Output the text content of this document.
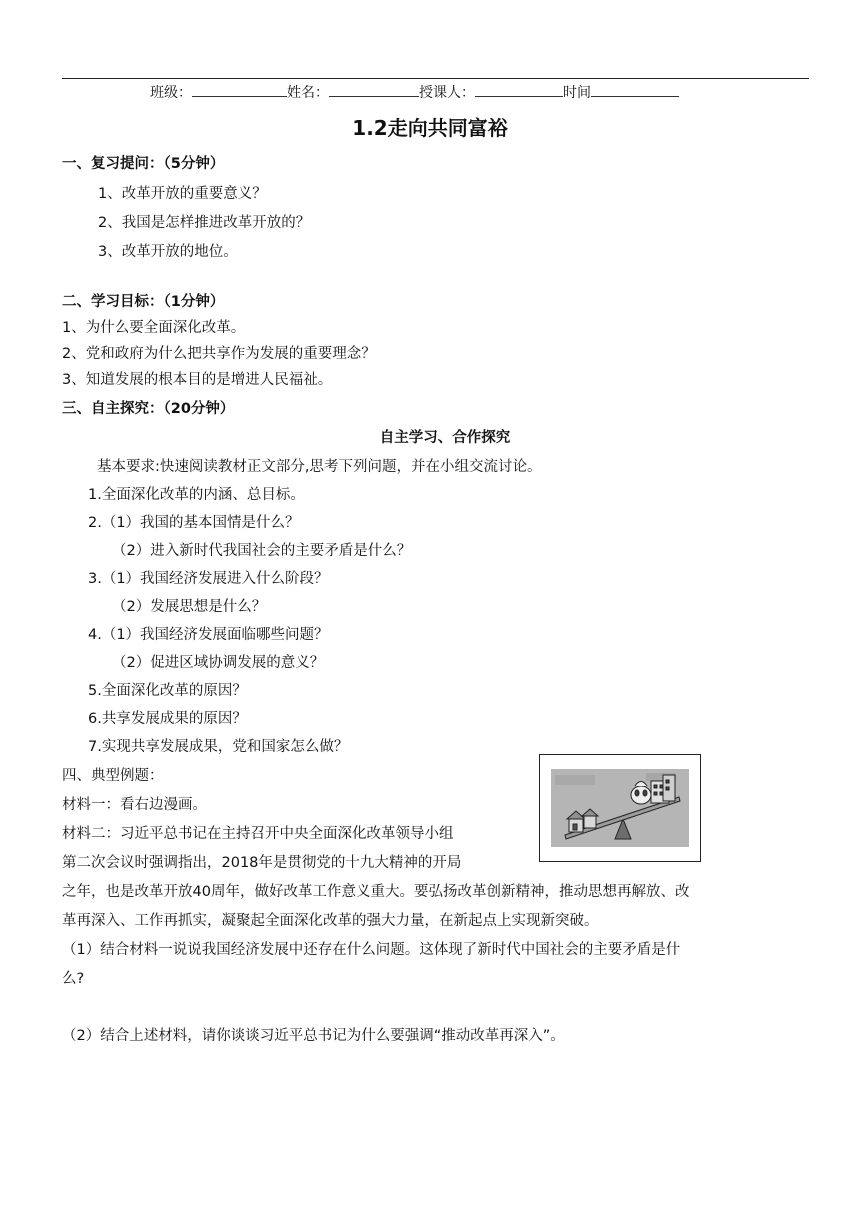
班级：	姓名：	授课人：	时间
1.2走向共同富裕
一、复习提问：（5分钟）
1、改革开放的重要意义？
2、我国是怎样推进改革开放的？
3、改革开放的地位。
二、学习目标：（1分钟）
1、为什么要全面深化改革。
2、党和政府为什么把共享作为发展的重要理念？
3、知道发展的根本目的是增进人民福祉。
三、自主探究：（20分钟）
自主学习、合作探究
基本要求:快速阅读教材正文部分,思考下列问题，并在小组交流讨论。
1.全面深化改革的内涵、总目标。
2.（1）我国的基本国情是什么？
（2）进入新时代我国社会的主要矛盾是什么？
3.（1）我国经济发展进入什么阶段？
（2）发展思想是什么？
4.（1）我国经济发展面临哪些问题？
（2）促进区域协调发展的意义？
5.全面深化改革的原因？
6.共享发展成果的原因？
7.实现共享发展成果，党和国家怎么做？
四、典型例题：
材料一：看右边漫画。
材料二：习近平总书记在主持召开中央全面深化改革领导小组
第二次会议时强调指出，2018年是贯彻党的十九大精神的开局
之年，也是改革开放40周年，做好改革工作意义重大。要弘扬改革创新精神，推动思想再解放、改
革再深入、工作再抓实，凝聚起全面深化改革的强大力量，在新起点上实现新突破。
（1）结合材料一说说我国经济发展中还存在什么问题。这体现了新时代中国社会的主要矛盾是什
么?
（2）结合上述材料，请你谈谈习近平总书记为什么要强调“推动改革再深入”。
